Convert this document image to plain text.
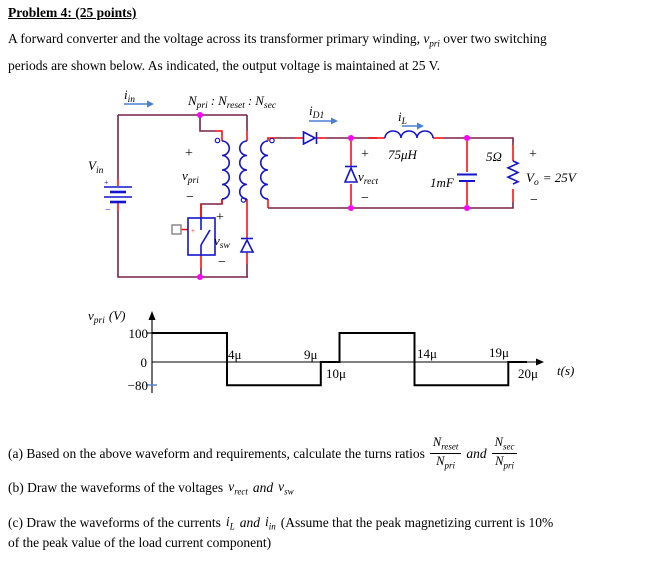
Problem 4: (25 points)
A forward converter and the voltage across its transformer primary winding, $v_{pri}$ over two switching
periods are shown below. As indicated, the output voltage is maintained at 25 V.
+
−
+
$V_{in}$
$i_{in}$	$N_{pri}$ : $N_{reset}$ : $N_{sec}$	$i_{D1}$	$i_L$
+
$v_{pri}$
−
+
$v_{sw}$
−
+
$v_{rect}$
−
75μH
1mF
5Ω +
$V_o = 25V$
−
$v_{pri}$ (V)
100
0
−80
4μ	9μ
10μ
14μ	19μ
20μ t(s)
(a) Based on the above waveform and requirements, calculate the turns ratios $\frac{N_{reset}}{N_{pri}}$ and $\frac{N_{sec}}{N_{pri}}$
(b) Draw the waveforms of the voltages $v_{rect}$ and $v_{sw}$
(c) Draw the waveforms of the currents $i_L$ and $i_{in}$ (Assume that the peak magnetizing current is 10%
of the peak value of the load current component)
